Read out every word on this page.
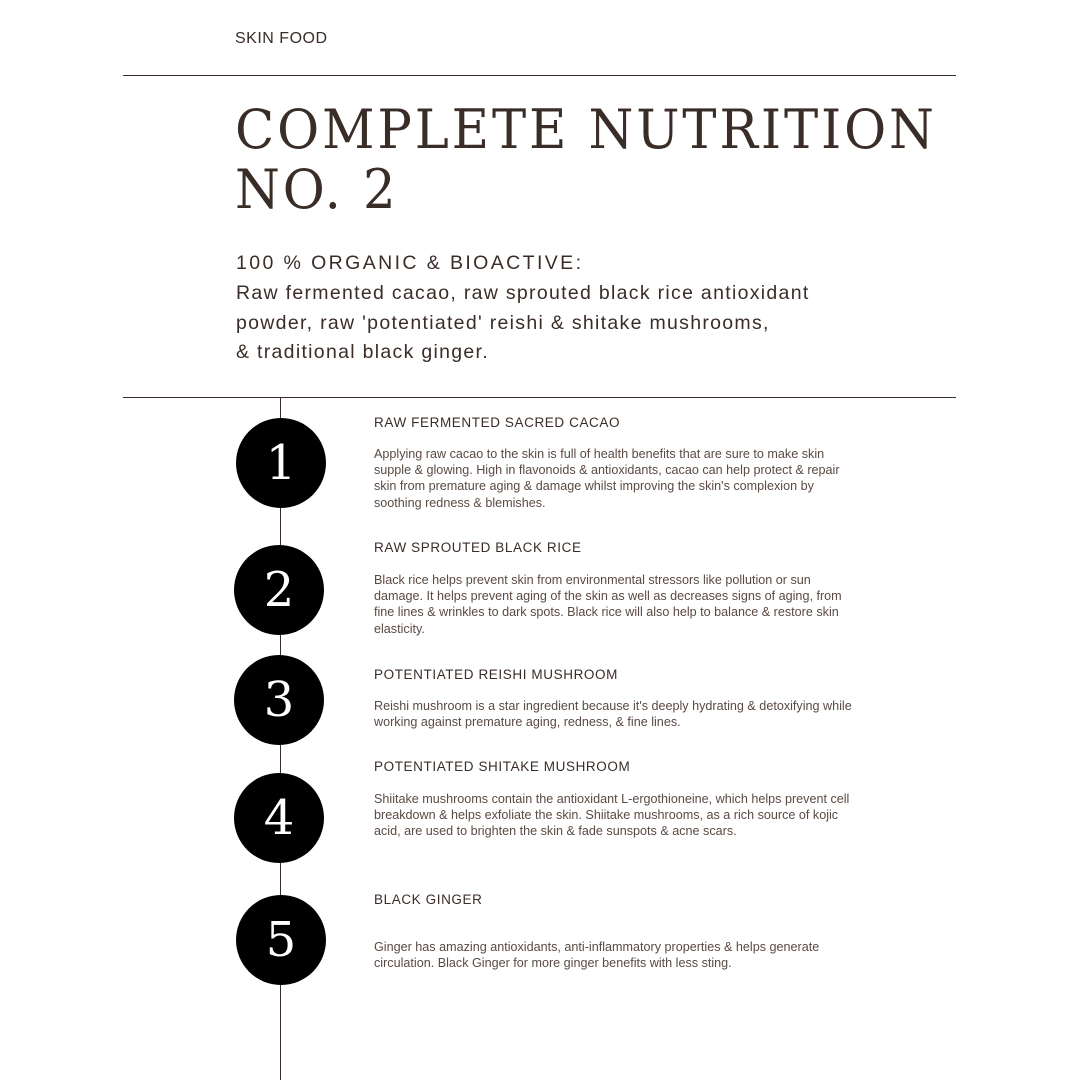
SKIN FOOD
COMPLETE NUTRITION
NO. 2
100 % ORGANIC & BIOACTIVE:
Raw fermented cacao, raw sprouted black rice antioxidant
powder, raw 'potentiated' reishi & shitake mushrooms,
& traditional black ginger.
1
RAW FERMENTED SACRED CACAO
Applying raw cacao to the skin is full of health benefits that are sure to make skin supple & glowing. High in flavonoids & antioxidants, cacao can help protect & repair skin from premature aging & damage whilst improving the skin's complexion by soothing redness & blemishes.
2
RAW SPROUTED BLACK RICE
Black rice helps prevent skin from environmental stressors like pollution or sun damage. It helps prevent aging of the skin as well as decreases signs of aging, from fine lines & wrinkles to dark spots. Black rice will also help to balance & restore skin elasticity.
3	POTENTIATED REISHI MUSHROOM
Reishi mushroom is a star ingredient because it's deeply hydrating & detoxifying while working against premature aging, redness, & fine lines.
4
POTENTIATED SHITAKE MUSHROOM
Shiitake mushrooms contain the antioxidant L-ergothioneine, which helps prevent cell breakdown & helps exfoliate the skin. Shiitake mushrooms, as a rich source of kojic acid, are used to brighten the skin & fade sunspots & acne scars.
5
BLACK GINGER
Ginger has amazing antioxidants, anti-inflammatory properties & helps generate circulation. Black Ginger for more ginger benefits with less sting.
